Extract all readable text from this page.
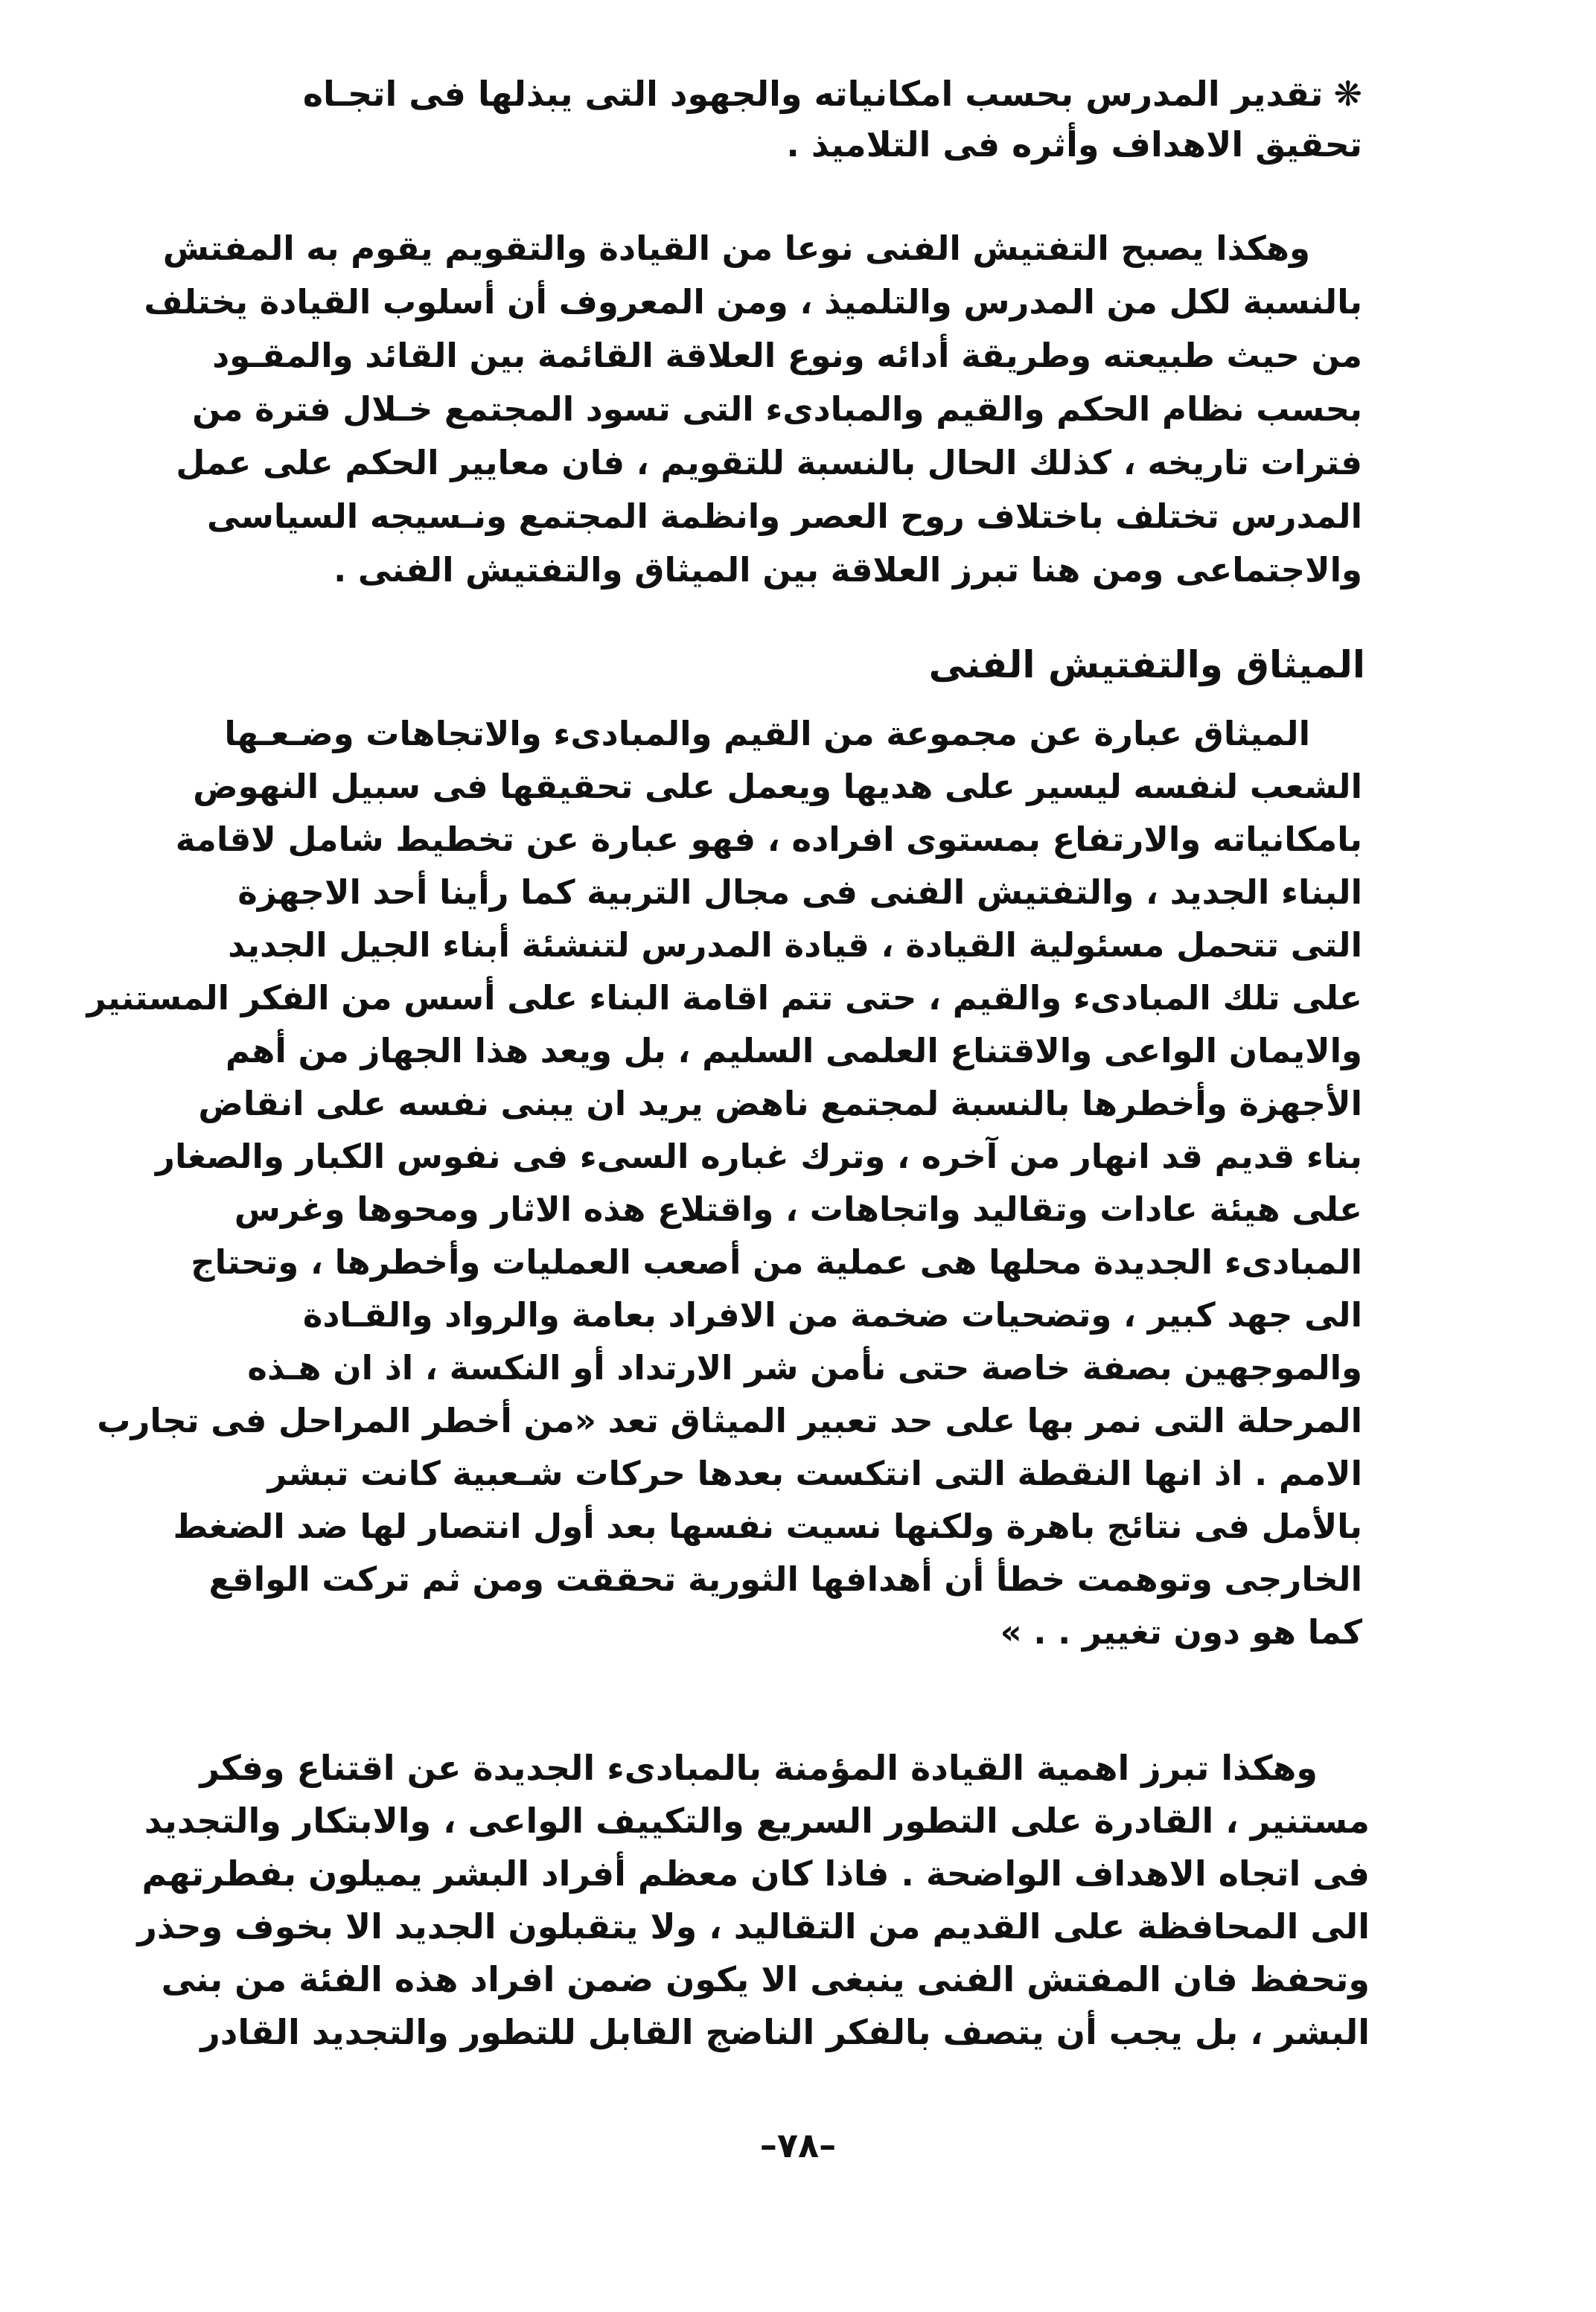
❋تقدير المدرس بحسب امكانياته والجهود التى يبذلها فى اتجـاه
تحقيق الاهداف وأثره فى التلاميذ .
وهكذا يصبح التفتيش الفنى نوعا من القيادة والتقويم يقوم به المفتش
بالنسبة لكل من المدرس والتلميذ ، ومن المعروف أن أسلوب القيادة يختلف
من حيث طبيعته وطريقة أدائه ونوع العلاقة القائمة بين القائد والمقـود
بحسب نظام الحكم والقيم والمبادىء التى تسود المجتمع خـلال فترة من
فترات تاريخه ، كذلك الحال بالنسبة للتقويم ، فان معايير الحكم على عمل
المدرس تختلف باختلاف روح العصر وانظمة المجتمع ونـسيجه السياسى
والاجتماعى ومن هنا تبرز العلاقة بين الميثاق والتفتيش الفنى .
الميثاق والتفتيش الفنى
الميثاق عبارة عن مجموعة من القيم والمبادىء والاتجاهات وضـعـها
الشعب لنفسه ليسير على هديها ويعمل على تحقيقها فى سبيل النهوض
بامكانياته والارتفاع بمستوى افراده ، فهو عبارة عن تخطيط شامل لاقامة
البناء الجديد ، والتفتيش الفنى فى مجال التربية كما رأينا أحد الاجهزة
التى تتحمل مسئولية القيادة ، قيادة المدرس لتنشئة أبناء الجيل الجديد
على تلك المبادىء والقيم ، حتى تتم اقامة البناء على أسس من الفكر المستنير
والايمان الواعى والاقتناع العلمى السليم ، بل ويعد هذا الجهاز من أهم
الأجهزة وأخطرها بالنسبة لمجتمع ناهض يريد ان يبنى نفسه على انقاض
بناء قديم قد انهار من آخره ، وترك غباره السىء فى نفوس الكبار والصغار
على هيئة عادات وتقاليد واتجاهات ، واقتلاع هذه الاثار ومحوها وغرس
المبادىء الجديدة محلها هى عملية من أصعب العمليات وأخطرها ، وتحتاج
الى جهد كبير ، وتضحيات ضخمة من الافراد بعامة والرواد والقـادة
والموجهين بصفة خاصة حتى نأمن شر الارتداد أو النكسة ، اذ ان هـذه
المرحلة التى نمر بها على حد تعبير الميثاق تعد «من أخطر المراحل فى تجارب
الامم . اذ انها النقطة التى انتكست بعدها حركات شـعبية كانت تبشر
بالأمل فى نتائج باهرة ولكنها نسيت نفسها بعد أول انتصار لها ضد الضغط
الخارجى وتوهمت خطأ أن أهدافها الثورية تحققت ومن ثم تركت الواقع
كما هو دون تغيير . . »
وهكذا تبرز اهمية القيادة المؤمنة بالمبادىء الجديدة عن اقتناع وفكر
مستنير ، القادرة على التطور السريع والتكييف الواعى ، والابتكار والتجديد
فى اتجاه الاهداف الواضحة . فاذا كان معظم أفراد البشر يميلون بفطرتهم
الى المحافظة على القديم من التقاليد ، ولا يتقبلون الجديد الا بخوف وحذر
وتحفظ فان المفتش الفنى ينبغى الا يكون ضمن افراد هذه الفئة من بنى
البشر ، بل يجب أن يتصف بالفكر الناضج القابل للتطور والتجديد القادر
–٧٨–
